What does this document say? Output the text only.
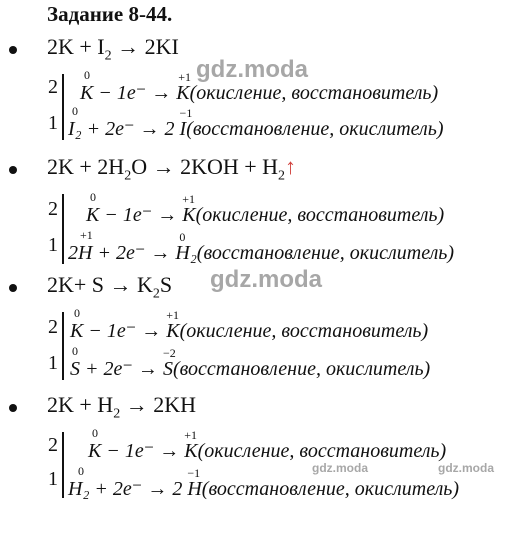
Задание 8-44.
$2K + I_2 \to 2KI$
2
1
0
K − 1e⁻ →
+1
K(окисление, восстановитель)
0
I₂ + 2e⁻ → 2
−1
I(восстановление, окислитель)
$2K + 2H_2O \to 2KOH$ + $H_2↑$
2
1
0
K − 1e⁻ →
+1
K(окисление, восстановитель)
+1
2H + 2e⁻ →
0
H₂(восстановление, окислитель)
$2K+ S \to K_2S$
2
1
0
K − 1e⁻ →
+1
K(окисление, восстановитель)
0
S + 2e⁻ →
−2
S(восстановление, окислитель)
$2K + H_2 \to 2KH$
2
1
0
K − 1e⁻ →
+1
K(окисление, восстановитель)
0
H₂ + 2e⁻ → 2
−1
H(восстановление, окислитель)
gdz.moda
gdz.moda
gdz.moda	gdz.moda
